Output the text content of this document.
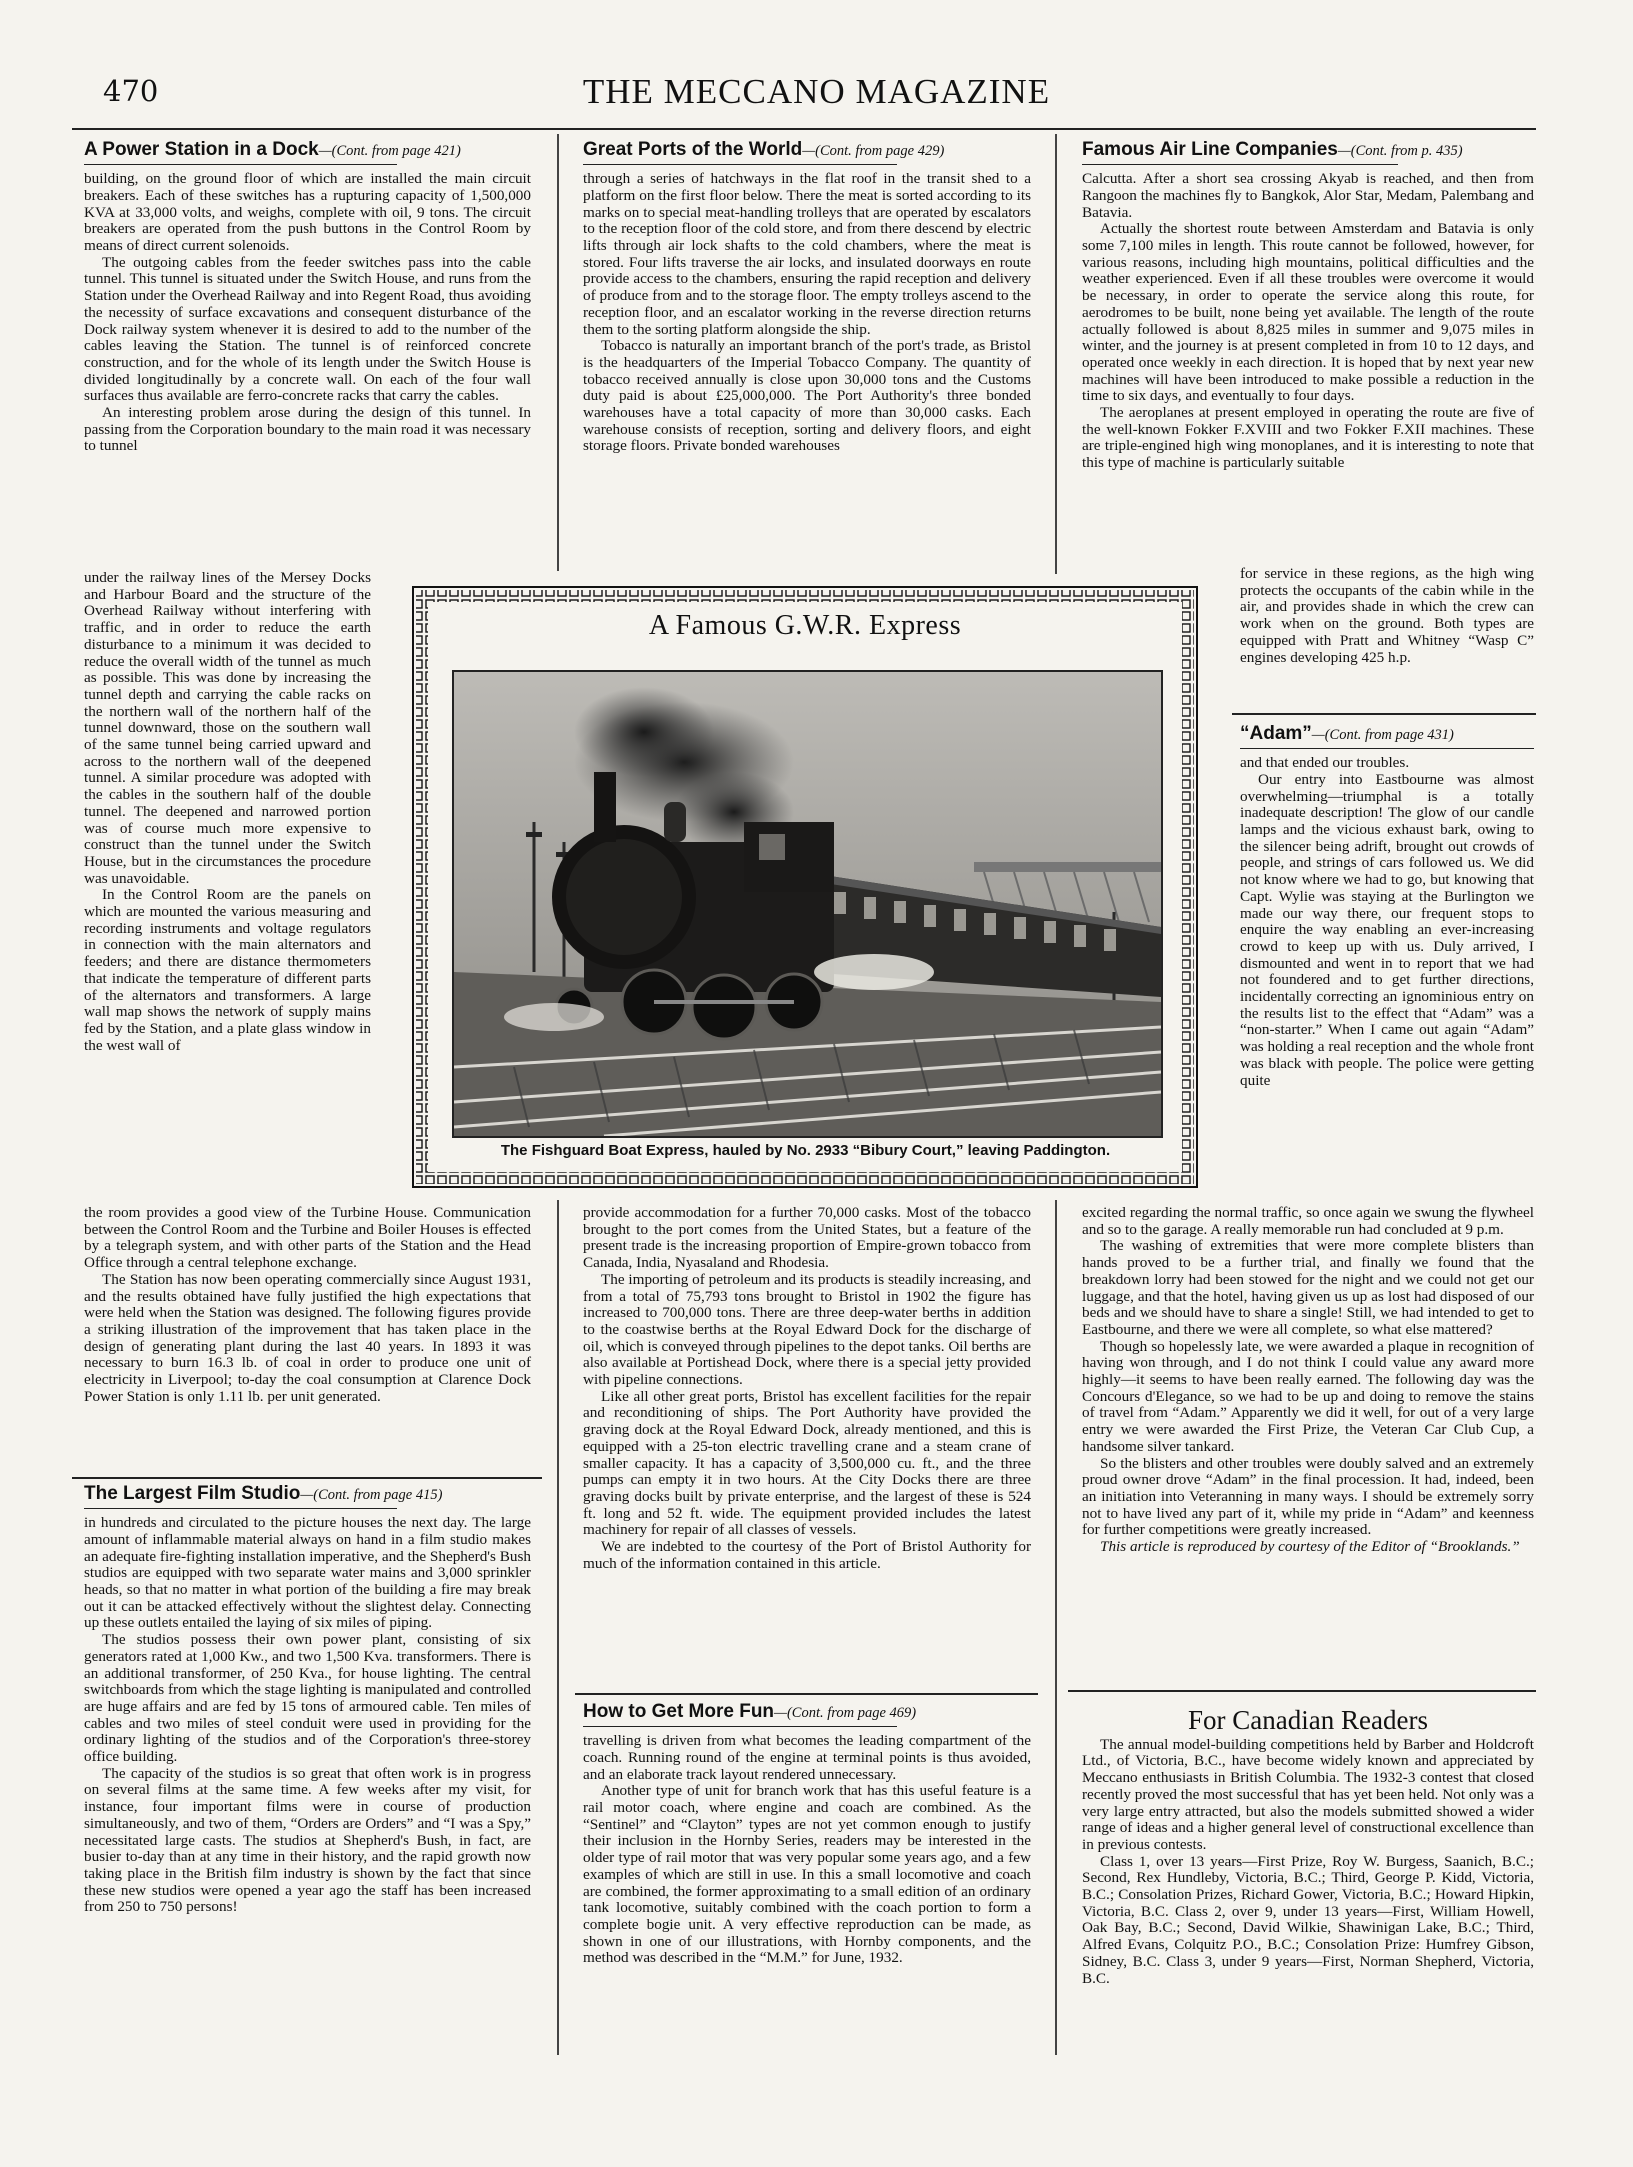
470	THE MECCANO MAGAZINE
A Power Station in a Dock—(Cont. from page 421)

building, on the ground floor of which are installed the main circuit breakers. Each of these switches has a rupturing capacity of 1,500,000 KVA at 33,000 volts, and weighs, complete with oil, 9 tons. The circuit breakers are operated from the push buttons in the Control Room by means of direct current solenoids.

The outgoing cables from the feeder switches pass into the cable tunnel. This tunnel is situated under the Switch House, and runs from the Station under the Overhead Railway and into Regent Road, thus avoiding the necessity of surface excavations and consequent disturbance of the Dock railway system whenever it is desired to add to the number of the cables leaving the Station. The tunnel is of reinforced concrete construction, and for the whole of its length under the Switch House is divided longitudinally by a concrete wall. On each of the four wall surfaces thus available are ferro-concrete racks that carry the cables.

An interesting problem arose during the design of this tunnel. In passing from the Corporation boundary to the main road it was necessary to tunnel

under the railway lines of the Mersey Docks and Harbour Board and the structure of the Overhead Railway without interfering with traffic, and in order to reduce the earth disturbance to a minimum it was decided to reduce the overall width of the tunnel as much as possible. This was done by increasing the tunnel depth and carrying the cable racks on the northern wall of the northern half of the tunnel downward, those on the southern wall of the same tunnel being carried upward and across to the northern wall of the deepened tunnel. A similar procedure was adopted with the cables in the southern half of the double tunnel. The deepened and narrowed portion was of course much more expensive to construct than the tunnel under the Switch House, but in the circumstances the procedure was unavoidable.

In the Control Room are the panels on which are mounted the various measuring and recording instruments and voltage regulators in connection with the main alternators and feeders; and there are distance thermometers that indicate the temperature of different parts of the alternators and transformers. A large wall map shows the network of supply mains fed by the Station, and a plate glass window in the west wall of

the room provides a good view of the Turbine House. Communication between the Control Room and the Turbine and Boiler Houses is effected by a telegraph system, and with other parts of the Station and the Head Office through a central telephone exchange.

The Station has now been operating commercially since August 1931, and the results obtained have fully justified the high expectations that were held when the Station was designed. The following figures provide a striking illustration of the improvement that has taken place in the design of generating plant during the last 40 years. In 1893 it was necessary to burn 16.3 lb. of coal in order to produce one unit of electricity in Liverpool; to-day the coal consumption at Clarence Dock Power Station is only 1.11 lb. per unit generated.

The Largest Film Studio—(Cont. from page 415)

in hundreds and circulated to the picture houses the next day. The large amount of inflammable material always on hand in a film studio makes an adequate fire-fighting installation imperative, and the Shepherd's Bush studios are equipped with two separate water mains and 3,000 sprinkler heads, so that no matter in what portion of the building a fire may break out it can be attacked effectively without the slightest delay. Connecting up these outlets entailed the laying of six miles of piping.

The studios possess their own power plant, consisting of six generators rated at 1,000 Kw., and two 1,500 Kva. transformers. There is an additional transformer, of 250 Kva., for house lighting. The central switchboards from which the stage lighting is manipulated and controlled are huge affairs and are fed by 15 tons of armoured cable. Ten miles of cables and two miles of steel conduit were used in providing for the ordinary lighting of the studios and of the Corporation's three-storey office building.

The capacity of the studios is so great that often work is in progress on several films at the same time. A few weeks after my visit, for instance, four important films were in course of production simultaneously, and two of them, “Orders are Orders” and “I was a Spy,” necessitated large casts. The studios at Shepherd's Bush, in fact, are busier to-day than at any time in their history, and the rapid growth now taking place in the British film industry is shown by the fact that since these new studios were opened a year ago the staff has been increased from 250 to 750 persons!

Great Ports of the World—(Cont. from page 429)

through a series of hatchways in the flat roof in the transit shed to a platform on the first floor below. There the meat is sorted according to its marks on to special meat-handling trolleys that are operated by escalators to the reception floor of the cold store, and from there descend by electric lifts through air lock shafts to the cold chambers, where the meat is stored. Four lifts traverse the air locks, and insulated doorways en route provide access to the chambers, ensuring the rapid reception and delivery of produce from and to the storage floor. The empty trolleys ascend to the reception floor, and an escalator working in the reverse direction returns them to the sorting platform alongside the ship.

Tobacco is naturally an important branch of the port's trade, as Bristol is the headquarters of the Imperial Tobacco Company. The quantity of tobacco received annually is close upon 30,000 tons and the Customs duty paid is about £25,000,000. The Port Authority's three bonded warehouses have a total capacity of more than 30,000 casks. Each warehouse consists of reception, sorting and delivery floors, and eight storage floors. Private bonded warehouses

provide accommodation for a further 70,000 casks. Most of the tobacco brought to the port comes from the United States, but a feature of the present trade is the increasing proportion of Empire-grown tobacco from Canada, India, Nyasaland and Rhodesia.

The importing of petroleum and its products is steadily increasing, and from a total of 75,793 tons brought to Bristol in 1902 the figure has increased to 700,000 tons. There are three deep-water berths in addition to the coastwise berths at the Royal Edward Dock for the discharge of oil, which is conveyed through pipelines to the depot tanks. Oil berths are also available at Portishead Dock, where there is a special jetty provided with pipeline connections.

Like all other great ports, Bristol has excellent facilities for the repair and reconditioning of ships. The Port Authority have provided the graving dock at the Royal Edward Dock, already mentioned, and this is equipped with a 25-ton electric travelling crane and a steam crane of smaller capacity. It has a capacity of 3,500,000 cu. ft., and the three pumps can empty it in two hours. At the City Docks there are three graving docks built by private enterprise, and the largest of these is 524 ft. long and 52 ft. wide. The equipment provided includes the latest machinery for repair of all classes of vessels.

We are indebted to the courtesy of the Port of Bristol Authority for much of the information contained in this article.

How to Get More Fun—(Cont. from page 469)

travelling is driven from what becomes the leading compartment of the coach. Running round of the engine at terminal points is thus avoided, and an elaborate track layout rendered unnecessary.

Another type of unit for branch work that has this useful feature is a rail motor coach, where engine and coach are combined. As the “Sentinel” and “Clayton” types are not yet common enough to justify their inclusion in the Hornby Series, readers may be interested in the older type of rail motor that was very popular some years ago, and a few examples of which are still in use. In this a small locomotive and coach are combined, the former approximating to a small edition of an ordinary tank locomotive, suitably combined with the coach portion to form a complete bogie unit. A very effective reproduction can be made, as shown in one of our illustrations, with Hornby components, and the method was described in the “M.M.” for June, 1932.

Famous Air Line Companies—(Cont. from p. 435)

Calcutta. After a short sea crossing Akyab is reached, and then from Rangoon the machines fly to Bangkok, Alor Star, Medam, Palembang and Batavia.

Actually the shortest route between Amsterdam and Batavia is only some 7,100 miles in length. This route cannot be followed, however, for various reasons, including high mountains, political difficulties and the weather experienced. Even if all these troubles were overcome it would be necessary, in order to operate the service along this route, for aerodromes to be built, none being yet available. The length of the route actually followed is about 8,825 miles in summer and 9,075 miles in winter, and the journey is at present completed in from 10 to 12 days, and operated once weekly in each direction. It is hoped that by next year new machines will have been introduced to make possible a reduction in the time to six days, and eventually to four days.

The aeroplanes at present employed in operating the route are five of the well-known Fokker F.XVIII and two Fokker F.XII machines. These are triple-engined high wing monoplanes, and it is interesting to note that this type of machine is particularly suitable

for service in these regions, as the high wing protects the occupants of the cabin while in the air, and provides shade in which the crew can work when on the ground. Both types are equipped with Pratt and Whitney “Wasp C” engines developing 425 h.p.

“Adam”—(Cont. from page 431)

and that ended our troubles.

Our entry into Eastbourne was almost overwhelming—triumphal is a totally inadequate description! The glow of our candle lamps and the vicious exhaust bark, owing to the silencer being adrift, brought out crowds of people, and strings of cars followed us. We did not know where we had to go, but knowing that Capt. Wylie was staying at the Burlington we made our way there, our frequent stops to enquire the way enabling an ever-increasing crowd to keep up with us. Duly arrived, I dismounted and went in to report that we had not foundered and to get further directions, incidentally correcting an ignominious entry on the results list to the effect that “Adam” was a “non-starter.” When I came out again “Adam” was holding a real reception and the whole front was black with people. The police were getting quite

excited regarding the normal traffic, so once again we swung the flywheel and so to the garage. A really memorable run had concluded at 9 p.m.

The washing of extremities that were more complete blisters than hands proved to be a further trial, and finally we found that the breakdown lorry had been stowed for the night and we could not get our luggage, and that the hotel, having given us up as lost had disposed of our beds and we should have to share a single! Still, we had intended to get to Eastbourne, and there we were all complete, so what else mattered?

Though so hopelessly late, we were awarded a plaque in recognition of having won through, and I do not think I could value any award more highly—it seems to have been really earned. The following day was the Concours d'Elegance, so we had to be up and doing to remove the stains of travel from “Adam.” Apparently we did it well, for out of a very large entry we were awarded the First Prize, the Veteran Car Club Cup, a handsome silver tankard.

So the blisters and other troubles were doubly salved and an extremely proud owner drove “Adam” in the final procession. It had, indeed, been an initiation into Veteranning in many ways. I should be extremely sorry not to have lived any part of it, while my pride in “Adam” and keenness for further competitions were greatly increased.

This article is reproduced by courtesy of the Editor of “Brooklands.”

For Canadian Readers

The annual model-building competitions held by Barber and Holdcroft Ltd., of Victoria, B.C., have become widely known and appreciated by Meccano enthusiasts in British Columbia. The 1932-3 contest that closed recently proved the most successful that has yet been held. Not only was a very large entry attracted, but also the models submitted showed a wider range of ideas and a higher general level of constructional excellence than in previous contests.

Class 1, over 13 years—First Prize, Roy W. Burgess, Saanich, B.C.; Second, Rex Hundleby, Victoria, B.C.; Third, George P. Kidd, Victoria, B.C.; Consolation Prizes, Richard Gower, Victoria, B.C.; Howard Hipkin, Victoria, B.C. Class 2, over 9, under 13 years—First, William Howell, Oak Bay, B.C.; Second, David Wilkie, Shawinigan Lake, B.C.; Third, Alfred Evans, Colquitz P.O., B.C.; Consolation Prize: Humfrey Gibson, Sidney, B.C. Class 3, under 9 years—First, Norman Shepherd, Victoria, B.C.

A Famous G.W.R. Express
The Fishguard Boat Express, hauled by No. 2933 “Bibury Court,” leaving Paddington.
